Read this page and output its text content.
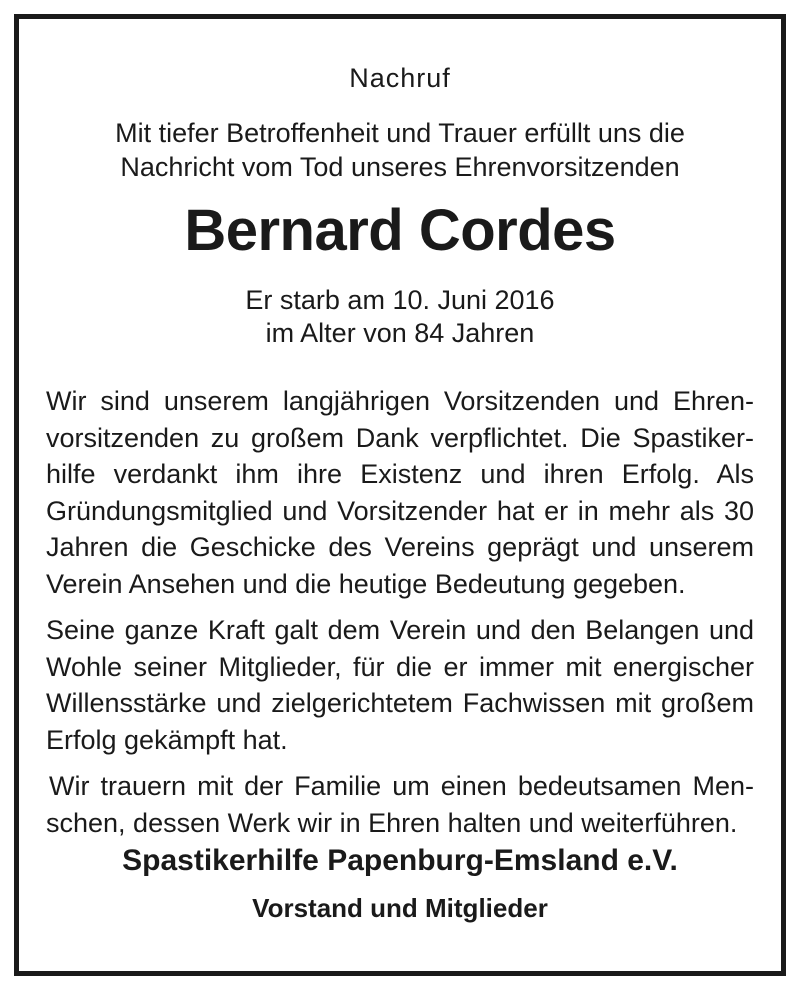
Nachruf
Mit tiefer Betroffenheit und Trauer erfüllt uns die
Nachricht vom Tod unseres Ehrenvorsitzenden
Bernard Cordes
Er starb am 10. Juni 2016
im Alter von 84 Jahren

Wir sind unserem langjährigen Vorsitzenden und Ehrenvorsitzenden zu großem Dank verpflichtet. Die Spastikerhilfe verdankt ihm ihre Existenz und ihren Erfolg. Als Gründungsmitglied und Vorsitzender hat er in mehr als 30 Jahren die Geschicke des Vereins geprägt und unserem Verein Ansehen und die heutige Bedeutung gegeben.

Seine ganze Kraft galt dem Verein und den Belangen und Wohle seiner Mitglieder, für die er immer mit energischer Willensstärke und zielgerichtetem Fachwissen mit großem Erfolg gekämpft hat.

Wir trauern mit der Familie um einen bedeutsamen Menschen, dessen Werk wir in Ehren halten und weiterführen.

Spastikerhilfe Papenburg-Emsland e.V.
Vorstand und Mitglieder
